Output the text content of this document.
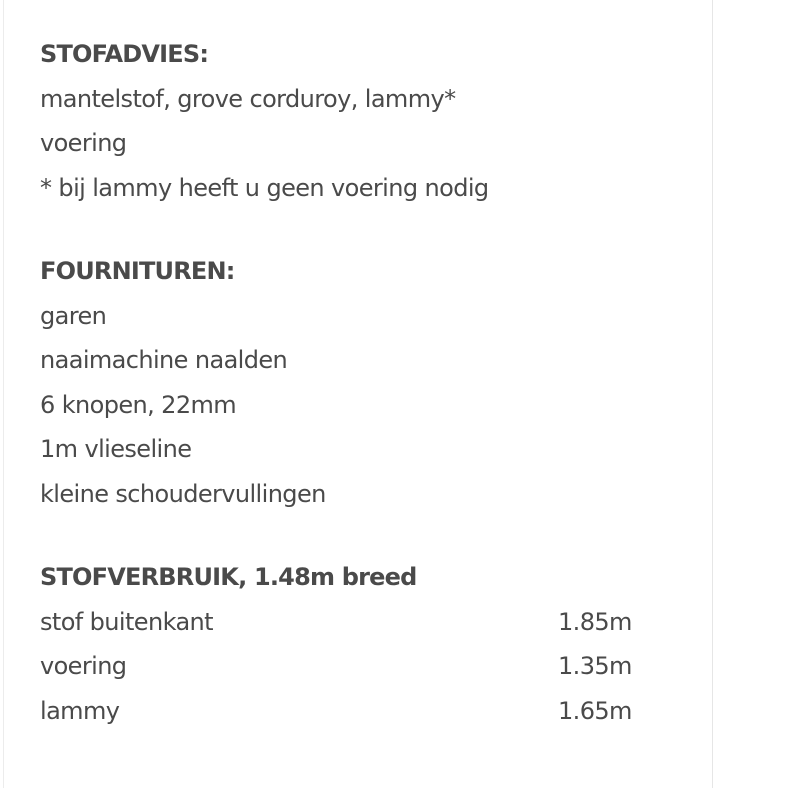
STOFADVIES:
mantelstof, grove corduroy, lammy*
voering
* bij lammy heeft u geen voering nodig
FOURNITUREN:
garen
naaimachine naalden
6 knopen, 22mm
1m vlieseline
kleine schoudervullingen
STOFVERBRUIK, 1.48m breed
stof buitenkant	1.85m
voering	1.35m
lammy	1.65m
